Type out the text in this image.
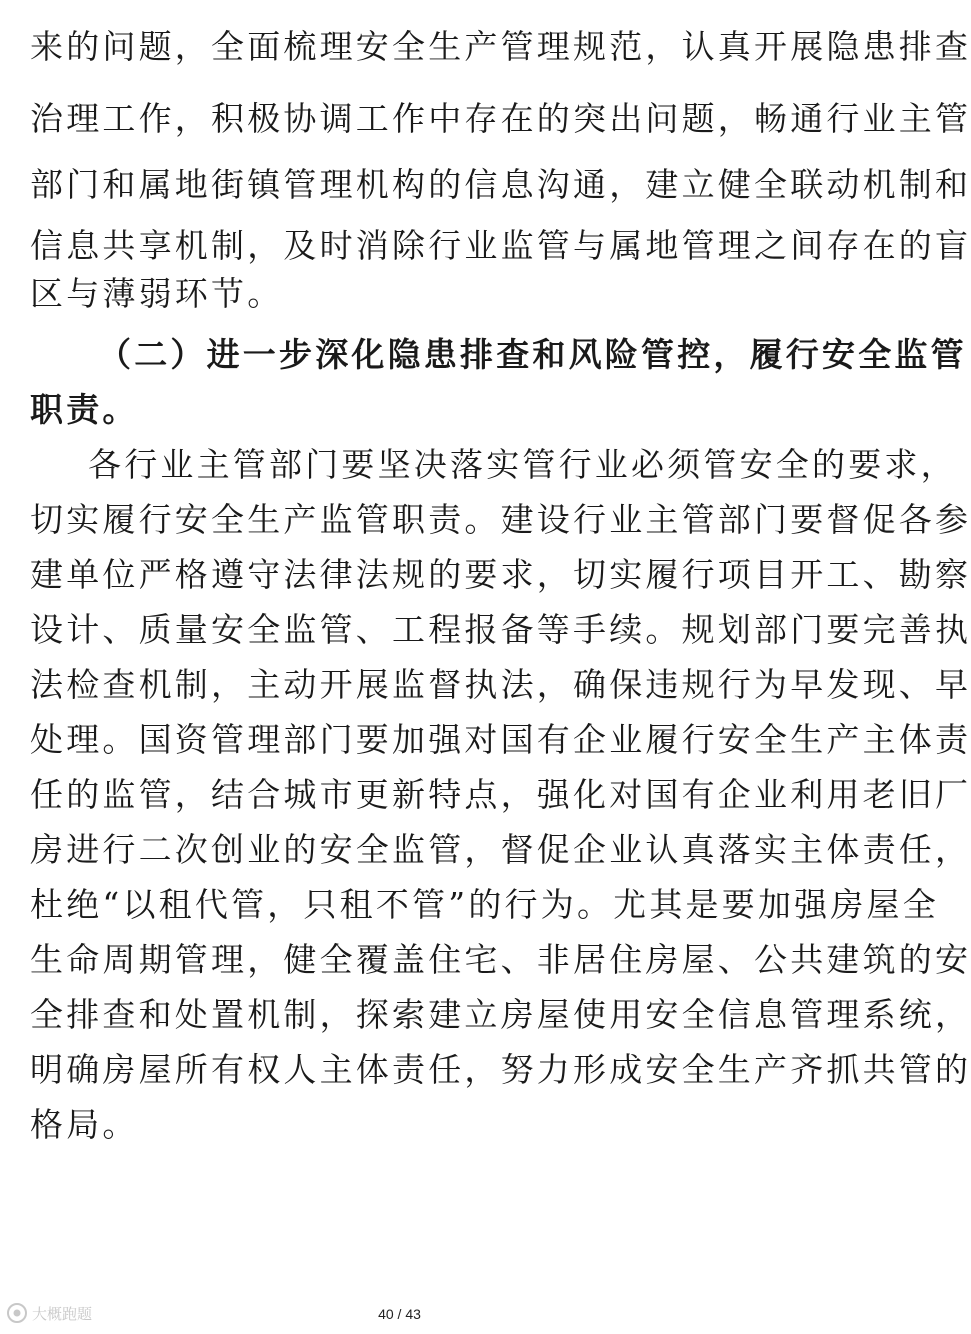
来的问题，全面梳理安全生产管理规范，认真开展隐患排查
治理工作，积极协调工作中存在的突出问题，畅通行业主管
部门和属地街镇管理机构的信息沟通，建立健全联动机制和
信息共享机制，及时消除行业监管与属地管理之间存在的盲
区与薄弱环节。
（二）进一步深化隐患排查和风险管控，履行安全监管
职责。
各行业主管部门要坚决落实管行业必须管安全的要求，
切实履行安全生产监管职责。建设行业主管部门要督促各参
建单位严格遵守法律法规的要求，切实履行项目开工、勘察
设计、质量安全监管、工程报备等手续。规划部门要完善执
法检查机制，主动开展监督执法，确保违规行为早发现、早
处理。国资管理部门要加强对国有企业履行安全生产主体责
任的监管，结合城市更新特点，强化对国有企业利用老旧厂
房进行二次创业的安全监管，督促企业认真落实主体责任，
杜绝“以租代管，只租不管”的行为。尤其是要加强房屋全
生命周期管理，健全覆盖住宅、非居住房屋、公共建筑的安
全排查和处置机制，探索建立房屋使用安全信息管理系统，
明确房屋所有权人主体责任，努力形成安全生产齐抓共管的
格局。
大概跑题	40 / 43
